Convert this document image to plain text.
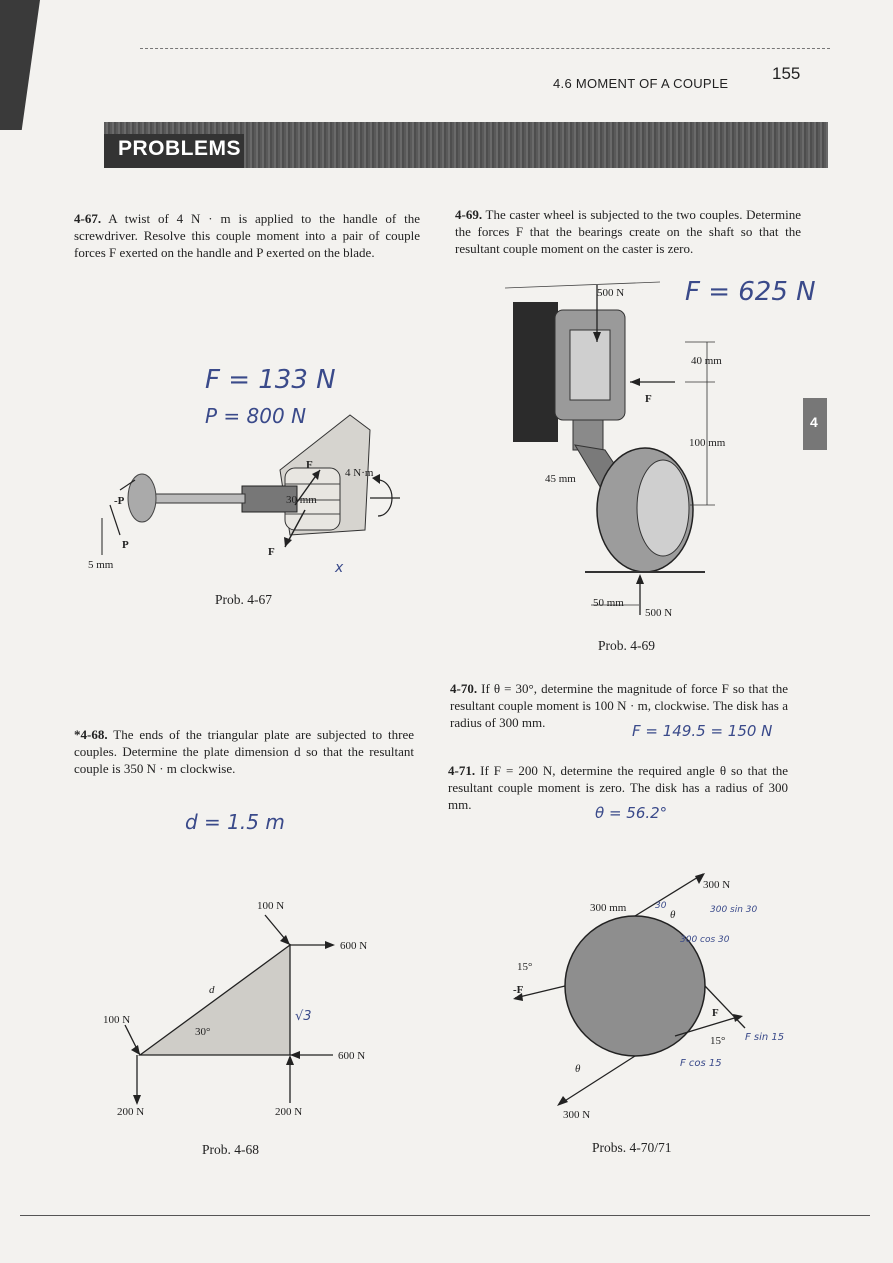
4.6 MOMENT OF A COUPLE
155
PROBLEMS
4
4-67. A twist of 4 N · m is applied to the handle of the screwdriver. Resolve this couple moment into a pair of couple forces F exerted on the handle and P exerted on the blade.
4-69. The caster wheel is subjected to the two couples. Determine the forces F that the bearings create on the shaft so that the resultant couple moment on the caster is zero.
F = 133 N
P = 800 N
x
4 N·m
F
F
P
-P	30 mm
5 mm
Prob. 4-67
F = 625 N
500 N
F
40 mm
100 mm
45 mm
50 mm
500 N
Prob. 4-69
4-70. If θ = 30°, determine the magnitude of force F so that the resultant couple moment is 100 N · m, clockwise. The disk has a radius of 300 mm.	F = 149.5 = 150 N
*4-68. The ends of the triangular plate are subjected to three couples. Determine the plate dimension d so that the resultant couple is 350 N · m clockwise.
d = 1.5 m
4-71. If F = 200 N, determine the required angle θ so that the resultant couple moment is zero. The disk has a radius of 300 mm.	θ = 56.2°
100 N
100 N
600 N
600 N
200 N	200 N
d
30°
√3
Prob. 4-68
300 N
300 N
300 mm
θ
θ
15°
15°
F
-F
300 sin 30
300 cos 30
F sin 15
F cos 15
30
Probs. 4-70/71
